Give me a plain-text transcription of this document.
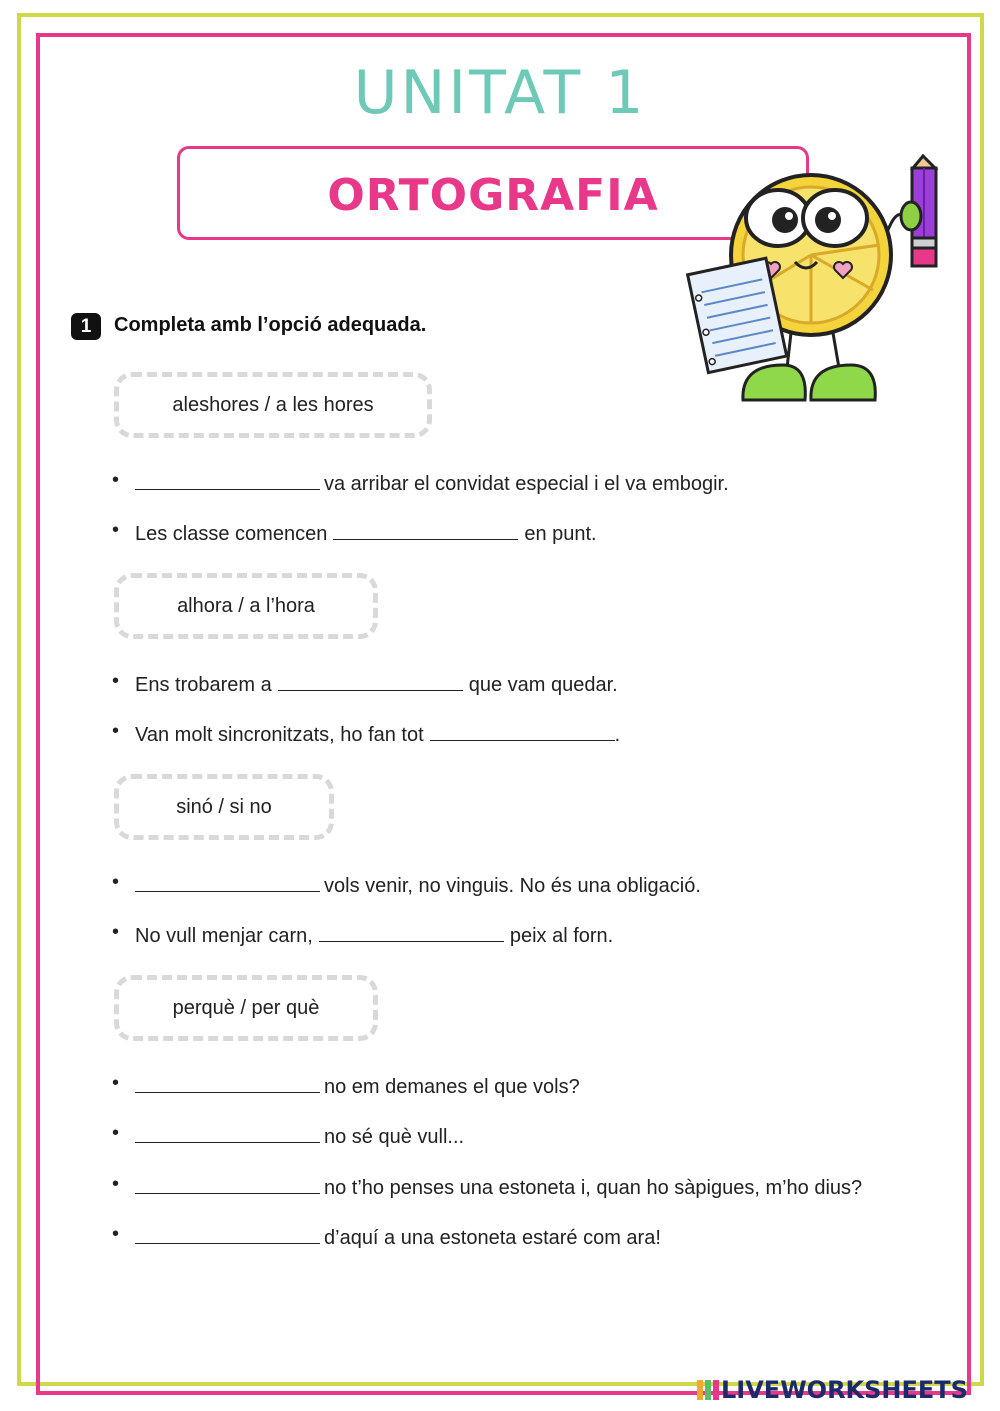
UNITAT 1
ORTOGRAFIA
1	Completa amb l’opció adequada.
aleshores / a les hores
•	va arribar el convidat especial i el va embogir.
• Les classe comencen	en punt.
alhora / a l’hora
• Ens trobarem a	que vam quedar.
• Van molt sincronitzats, ho fan tot	.
sinó / si no
•	vols venir, no vinguis. No és una obligació.
• No vull menjar carn,	peix al forn.
perquè / per què
•	no em demanes el que vols?
•	no sé què vull...
•	no t’ho penses una estoneta i, quan ho sàpigues, m’ho dius?
•	d’aquí a una estoneta estaré com ara!
LIVEWORKSHEETS
